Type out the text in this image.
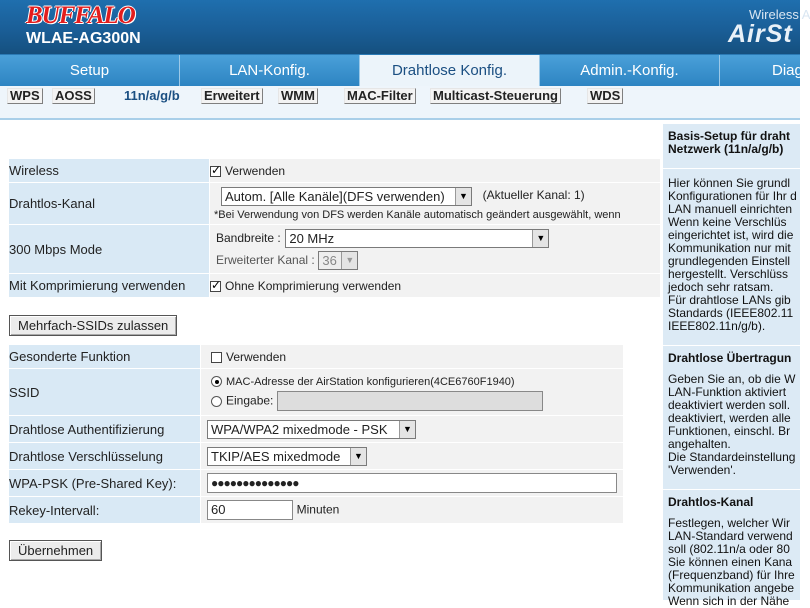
BUFFALO
WLAE-AG300N
Wireless A
AirSt
Setup	LAN-Konfig.	Drahtlose Konfig.	Admin.-Konfig.	Diag
WPS AOSS 11n/a/g/b Erweitert WMM MAC-Filter Multicast-Steuerung WDS
Wireless	✓Verwenden
Drahtlos-Kanal	Autom. [Alle Kanäle](DFS verwenden) ▼ (Aktueller Kanal: 1)
*Bei Verwendung von DFS werden Kanäle automatisch geändert ausgewählt, wenn

300 Mbps Mode	Bandbreite : 20 MHz ▼
Erweiterter Kanal : 36 ▼

Mit Komprimierung verwenden	✓Ohne Komprimierung verwenden
Mehrfach-SSIDs zulassen
Gesonderte Funktion	Verwenden
SSID	MAC-Adresse der AirStation konfigurieren(4CE6760F1940)
Eingabe:

Drahtlose Authentifizierung	WPA/WPA2 mixedmode - PSK ▼

Drahtlose Verschlüsselung	TKIP/AES mixedmode ▼

WPA-PSK (Pre-Shared Key):	●●●●●●●●●●●●●●
Rekey-Intervall:	60 Minuten
Übernehmen
Basis-Setup für draht
Netzwerk (11n/a/g/b)
Hier können Sie grundl
Konfigurationen für Ihr d
LAN manuell einrichten
Wenn keine Verschlüs
eingerichtet ist, wird die
Kommunikation nur mit
grundlegenden Einstell
hergestellt. Verschlüss
jedoch sehr ratsam.
Für drahtlose LANs gib
Standards (IEEE802.11
IEEE802.11n/g/b).
Drahtlose Übertragun
Geben Sie an, ob die W
LAN-Funktion aktiviert
deaktiviert werden soll.
deaktiviert, werden alle
Funktionen, einschl. Br
angehalten.
Die Standardeinstellung
'Verwenden'.
Drahtlos-Kanal
Festlegen, welcher Wir
LAN-Standard verwend
soll (802.11n/a oder 80
Sie können einen Kana
(Frequenzband) für Ihre
Kommunikation angebe
Wenn sich in der Nähe
